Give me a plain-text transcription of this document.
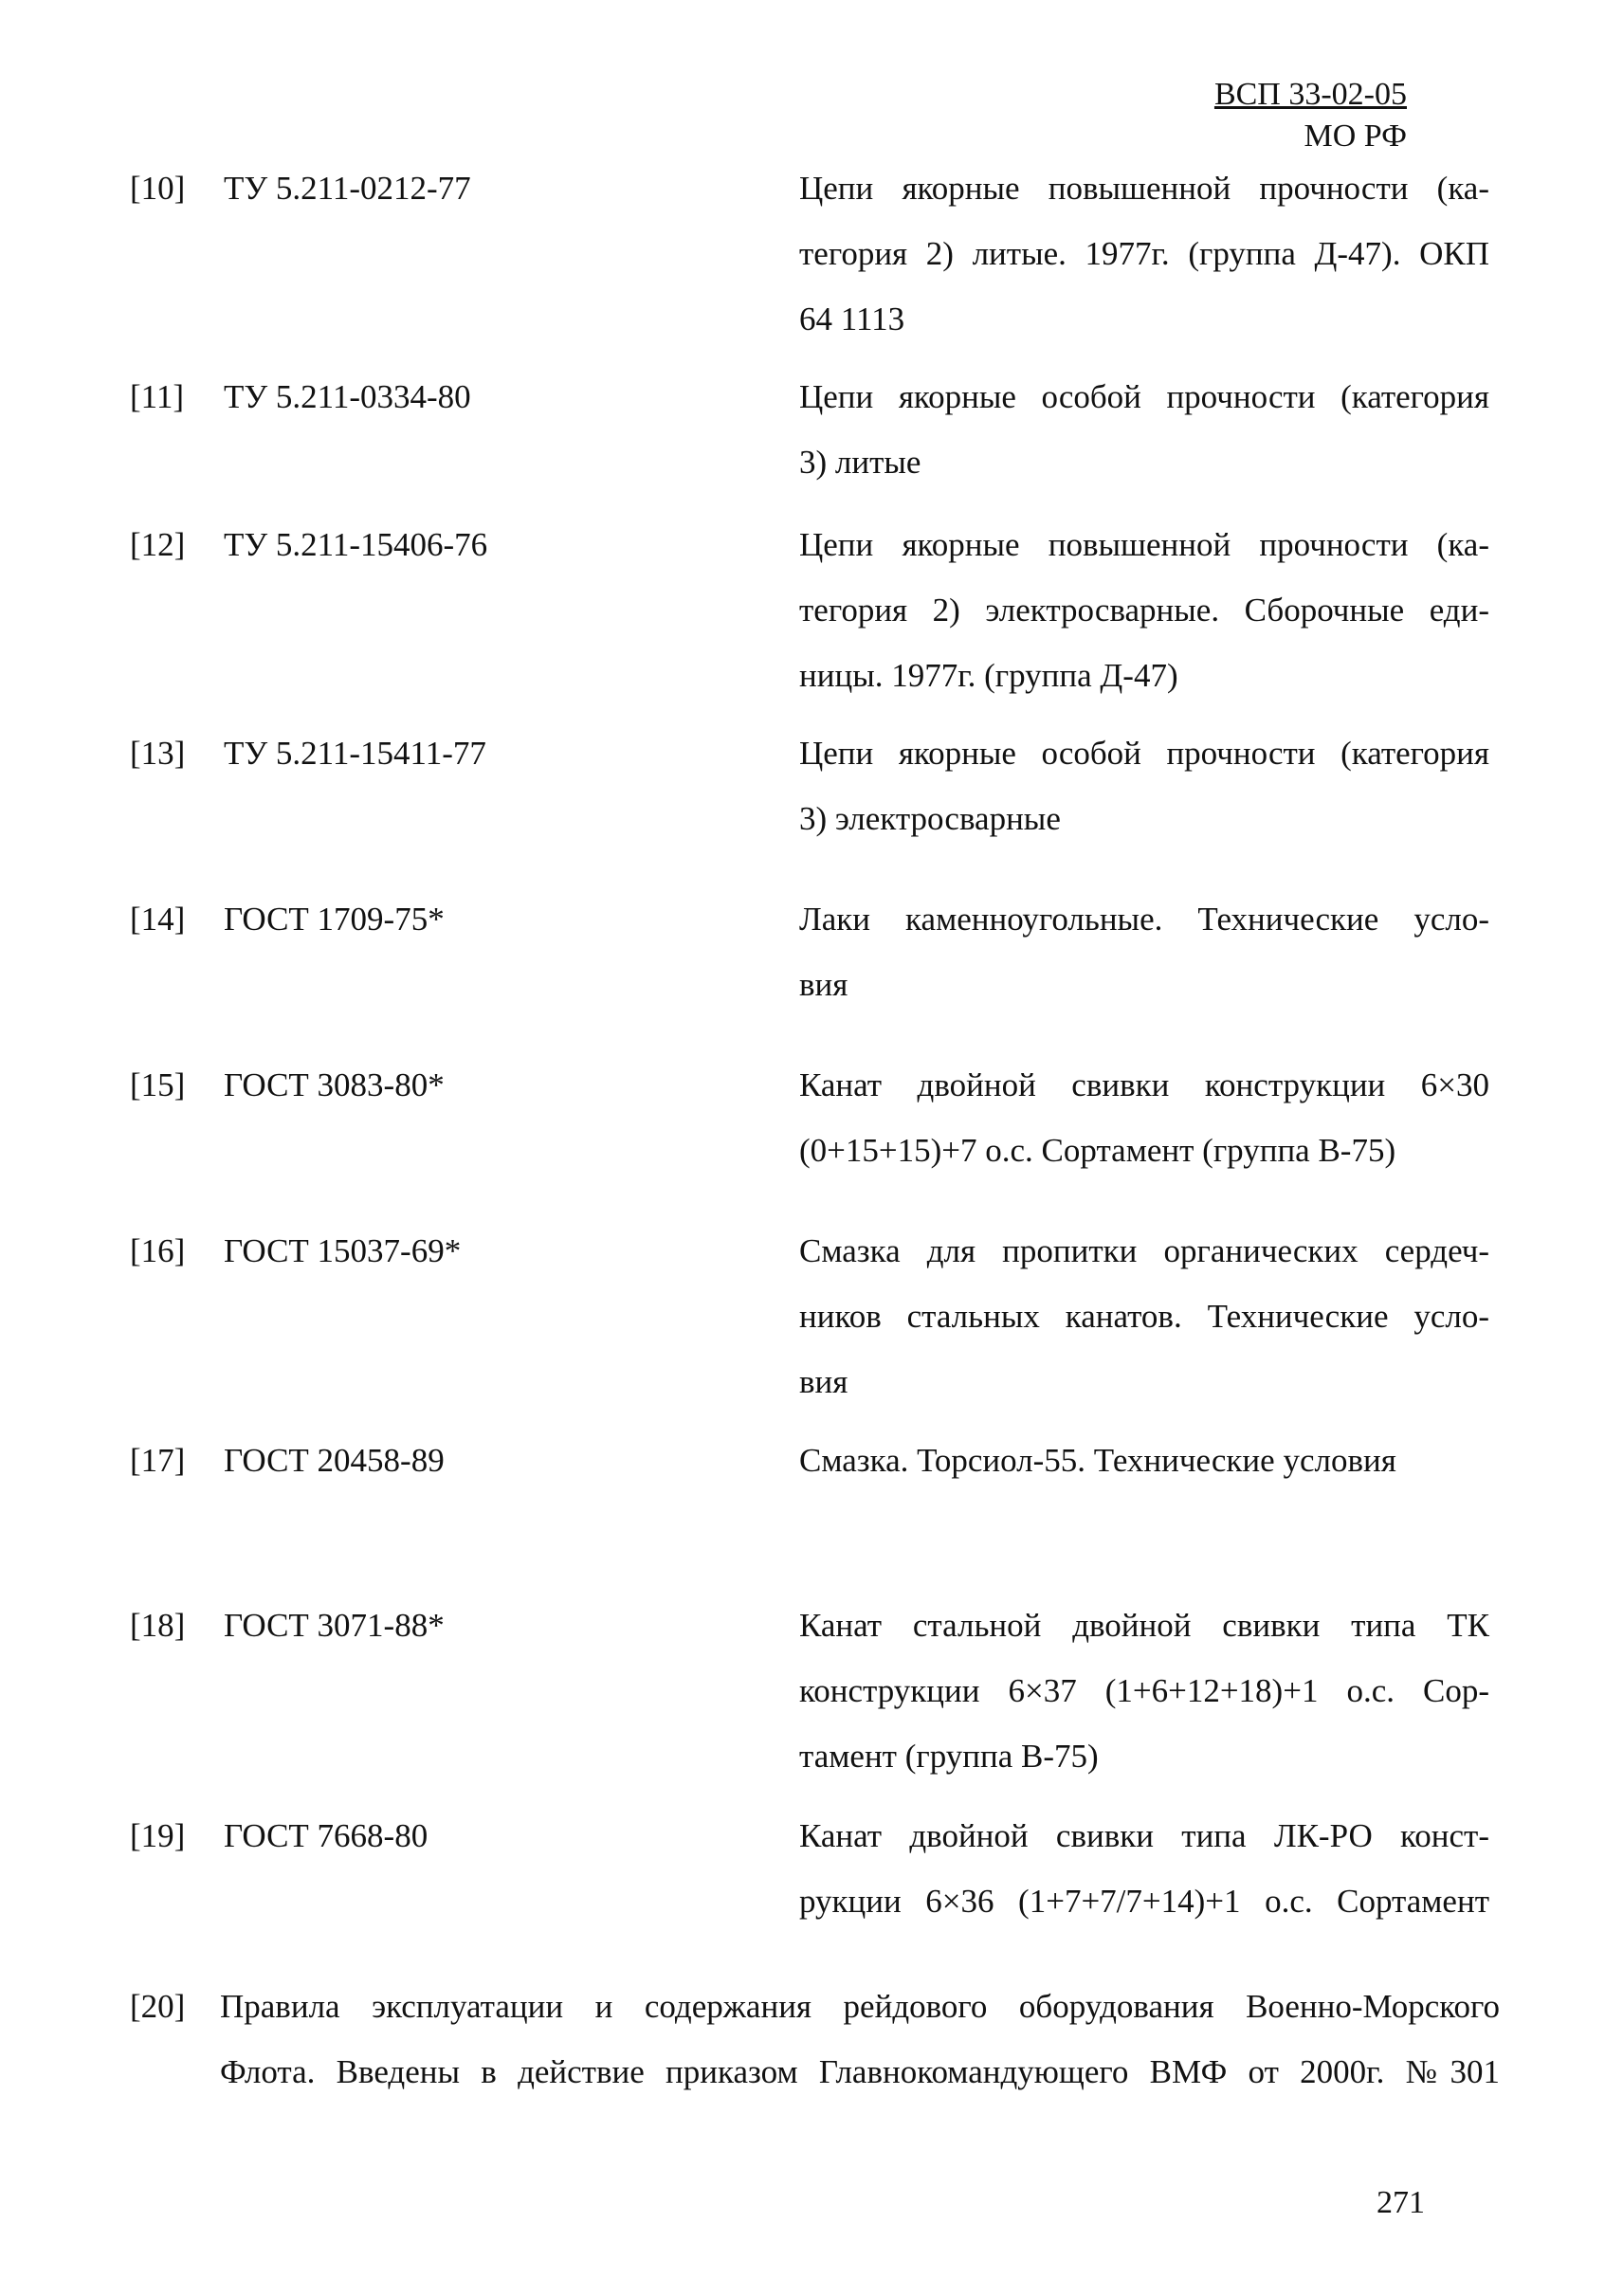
ВСП 33-02-05
МО РФ
[10] ТУ 5.211-0212-77	Цепи якорные повышенной прочности (ка-
тегория 2) литые. 1977г. (группа Д-47). ОКП
64 1113
[11] ТУ 5.211-0334-80	Цепи якорные особой прочности (категория
3) литые
[12] ТУ 5.211-15406-76	Цепи якорные повышенной прочности (ка-
тегория 2) электросварные. Сборочные еди-
ницы. 1977г. (группа Д-47)
[13] ТУ 5.211-15411-77	Цепи якорные особой прочности (категория
3) электросварные
[14] ГОСТ 1709-75*	Лаки каменноугольные. Технические усло-
вия
[15] ГОСТ 3083-80*	Канат двойной свивки конструкции 6×30
(0+15+15)+7 о.с. Сортамент (группа В-75)
[16] ГОСТ 15037-69*	Смазка для пропитки органических сердеч-
ников стальных канатов. Технические усло-
вия
[17] ГОСТ 20458-89	Смазка. Торсиол-55. Технические условия
[18] ГОСТ 3071-88*	Канат стальной двойной свивки типа ТК
конструкции 6×37 (1+6+12+18)+1 о.с. Сор-
тамент (группа В-75)
[19] ГОСТ 7668-80	Канат двойной свивки типа ЛК-РО конст-
рукции 6×36 (1+7+7/7+14)+1 о.с. Сортамент
[20] Правила эксплуатации и содержания рейдового оборудования Военно-Морского
Флота. Введены в действие приказом Главнокомандующего ВМФ от 2000г. №301
271
